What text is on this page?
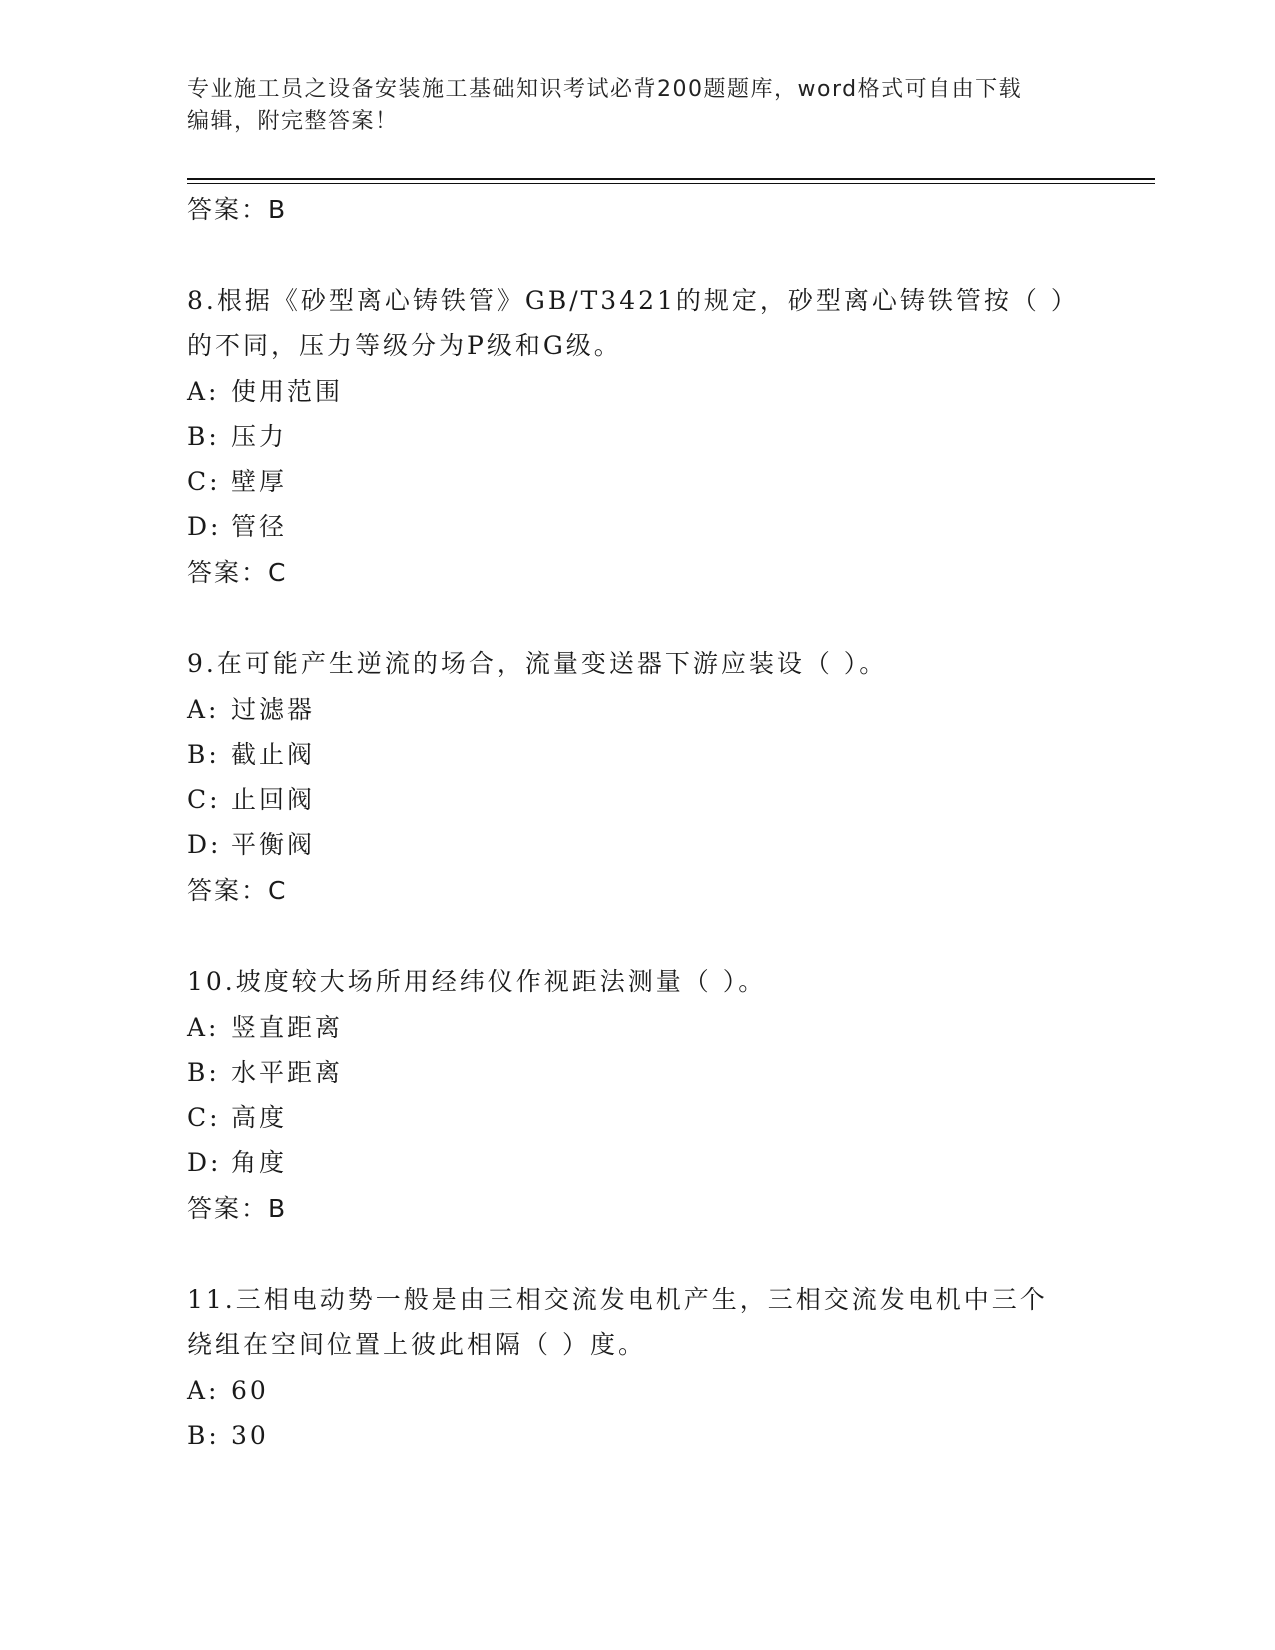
专业施工员之设备安装施工基础知识考试必背200题题库，word格式可自由下载
编辑，附完整答案！
答案：B
8.根据《砂型离心铸铁管》GB/T3421的规定，砂型离心铸铁管按（ ）
的不同，压力等级分为P级和G级。
A: 使用范围
B: 压力
C: 壁厚
D: 管径
答案：C
9.在可能产生逆流的场合，流量变送器下游应装设（ ）。
A: 过滤器
B: 截止阀
C: 止回阀
D: 平衡阀
答案：C
10.坡度较大场所用经纬仪作视距法测量（ ）。
A: 竖直距离
B: 水平距离
C: 高度
D: 角度
答案：B
11.三相电动势一般是由三相交流发电机产生，三相交流发电机中三个
绕组在空间位置上彼此相隔（ ）度。
A: 60
B: 30
